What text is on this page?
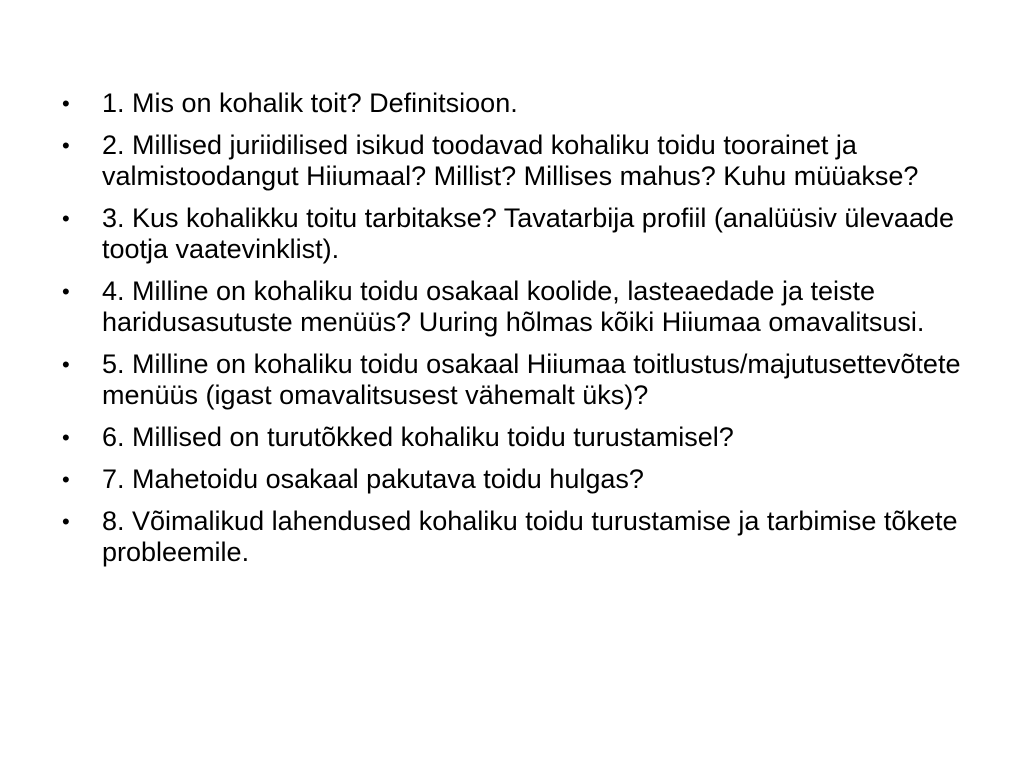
• 1. Mis on kohalik toit? Definitsioon.
• 2. Millised juriidilised isikud toodavad kohaliku toidu toorainet ja valmistoodangut Hiiumaal? Millist? Millises mahus? Kuhu müüakse?
• 3. Kus kohalikku toitu tarbitakse? Tavatarbija profiil (analüüsiv ülevaade tootja vaatevinklist).
• 4. Milline on kohaliku toidu osakaal koolide, lasteaedade ja teiste haridusasutuste menüüs? Uuring hõlmas kõiki Hiiumaa omavalitsusi.
• 5. Milline on kohaliku toidu osakaal Hiiumaa toitlustus/majutusettevõtete menüüs (igast omavalitsusest vähemalt üks)?
• 6. Millised on turutõkked kohaliku toidu turustamisel?
• 7. Mahetoidu osakaal pakutava toidu hulgas?
• 8. Võimalikud lahendused kohaliku toidu turustamise ja tarbimise tõkete probleemile.
